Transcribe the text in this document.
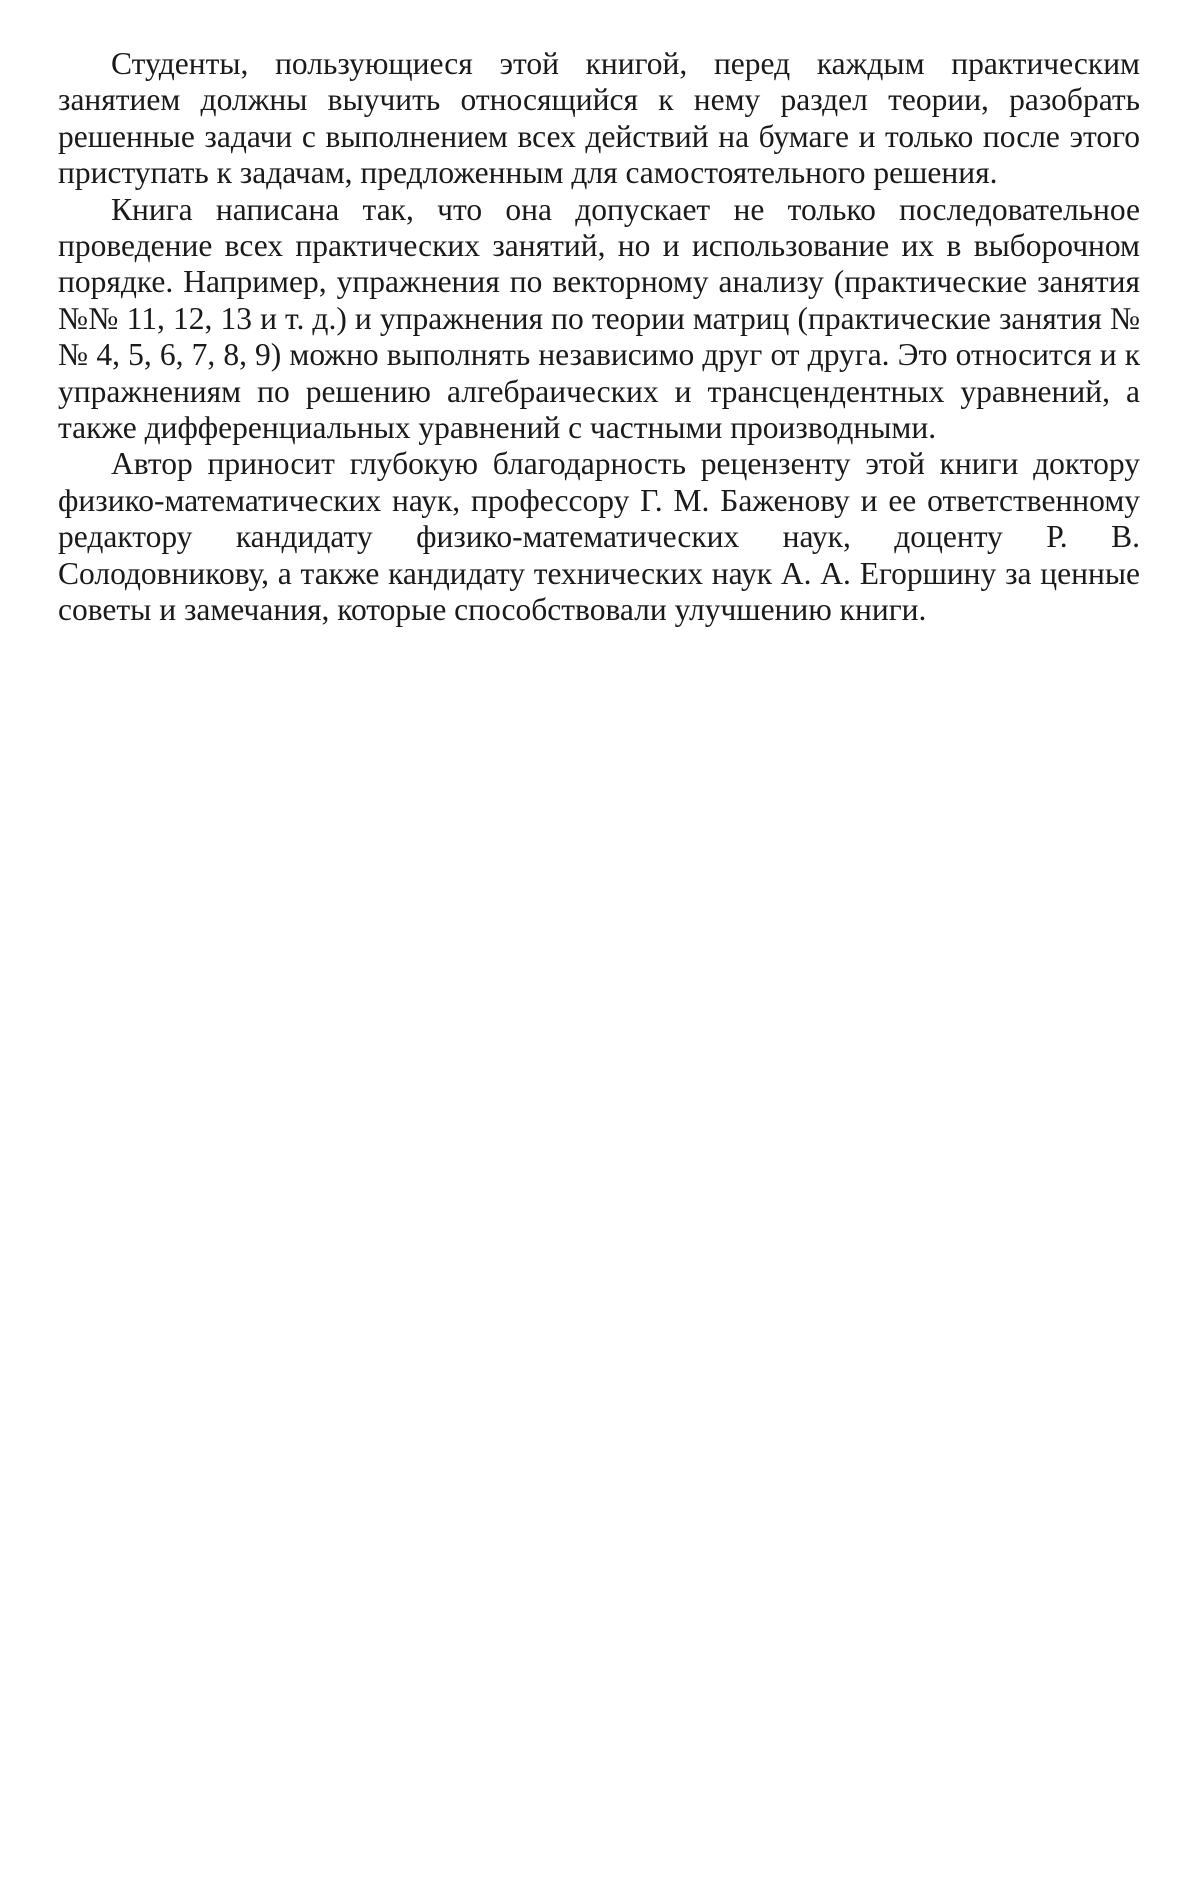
Студенты, пользующиеся этой книгой, перед каждым практическим занятием должны выучить относящийся к нему раздел теории, разобрать решенные задачи с выполнением всех действий на бумаге и только после этого приступать к задачам, предложенным для самостоятельного решения.

Книга написана так, что она допускает не только последовательное проведение всех практических занятий, но и использование их в выборочном порядке. Например, упражнения по векторному анализу (практические занятия №№ 11, 12, 13 и т. д.) и упражнения по теории матриц (практические занятия №№ 4, 5, 6, 7, 8, 9) можно выполнять независимо друг от друга. Это относится и к упражнениям по решению алгебраических и трансцендентных уравнений, а также дифференциальных уравнений с частными производными.

Автор приносит глубокую благодарность рецензенту этой книги доктору физико-математических наук, профессору Г. М. Баженову и ее ответственному редактору кандидату физико-математических наук, доценту Р. В. Солодовникову, а также кандидату технических наук А. А. Егоршину за ценные советы и замечания, которые способствовали улучшению книги.
